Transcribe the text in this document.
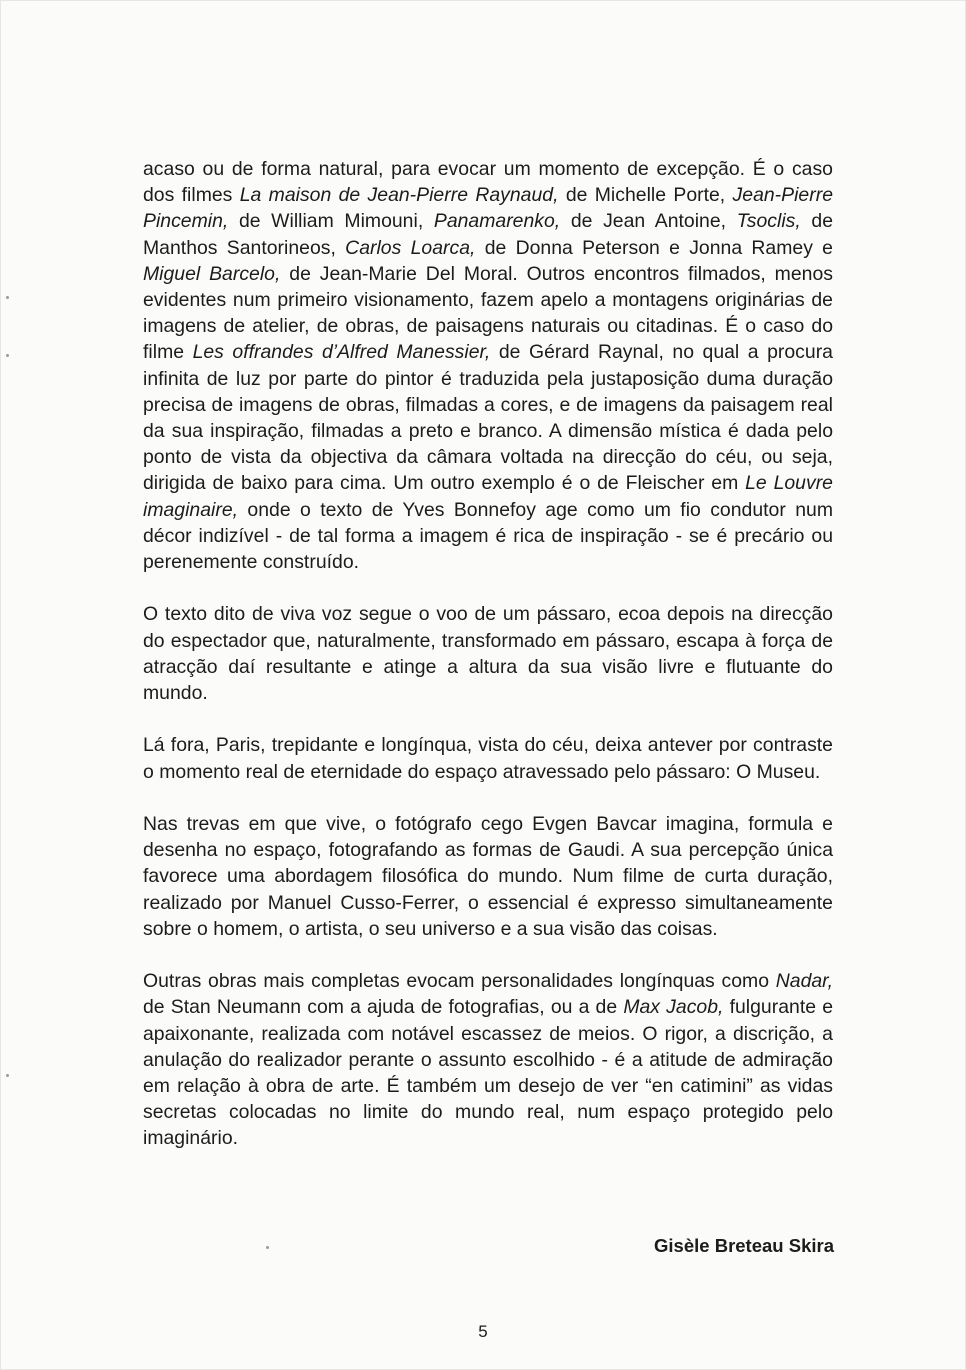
acaso ou de forma natural, para evocar um momento de excepção. É o caso dos filmes La maison de Jean-Pierre Raynaud, de Michelle Porte, Jean-Pierre Pincemin, de William Mimouni, Panamarenko, de Jean Antoine, Tsoclis, de Manthos Santorineos, Carlos Loarca, de Donna Peterson e Jonna Ramey e Miguel Barcelo, de Jean-Marie Del Moral. Outros encontros filmados, menos evidentes num primeiro visionamento, fazem apelo a montagens originárias de imagens de atelier, de obras, de paisagens naturais ou citadinas. É o caso do filme Les offrandes d’Alfred Manessier, de Gérard Raynal, no qual a procura infinita de luz por parte do pintor é traduzida pela justaposição duma duração precisa de imagens de obras, filmadas a cores, e de imagens da paisagem real da sua inspiração, filmadas a preto e branco. A dimensão mística é dada pelo ponto de vista da objectiva da câmara voltada na direcção do céu, ou seja, dirigida de baixo para cima. Um outro exemplo é o de Fleischer em Le Louvre imaginaire, onde o texto de Yves Bonnefoy age como um fio condutor num décor indizível - de tal forma a imagem é rica de inspiração - se é precário ou perenemente construído.

O texto dito de viva voz segue o voo de um pássaro, ecoa depois na direcção do espectador que, naturalmente, transformado em pássaro, escapa à força de atracção daí resultante e atinge a altura da sua visão livre e flutuante do mundo.

Lá fora, Paris, trepidante e longínqua, vista do céu, deixa antever por contraste o momento real de eternidade do espaço atravessado pelo pássaro: O Museu.

Nas trevas em que vive, o fotógrafo cego Evgen Bavcar imagina, formula e desenha no espaço, fotografando as formas de Gaudi. A sua percepção única favorece uma abordagem filosófica do mundo. Num filme de curta duração, realizado por Manuel Cusso-Ferrer, o essencial é expresso simultaneamente sobre o homem, o artista, o seu universo e a sua visão das coisas.

Outras obras mais completas evocam personalidades longínquas como Nadar, de Stan Neumann com a ajuda de fotografias, ou a de Max Jacob, fulgurante e apaixonante, realizada com notável escassez de meios. O rigor, a discrição, a anulação do realizador perante o assunto escolhido - é a atitude de admiração em relação à obra de arte. É também um desejo de ver “en catimini” as vidas secretas colocadas no limite do mundo real, num espaço protegido pelo imaginário.

Gisèle Breteau Skira
5
